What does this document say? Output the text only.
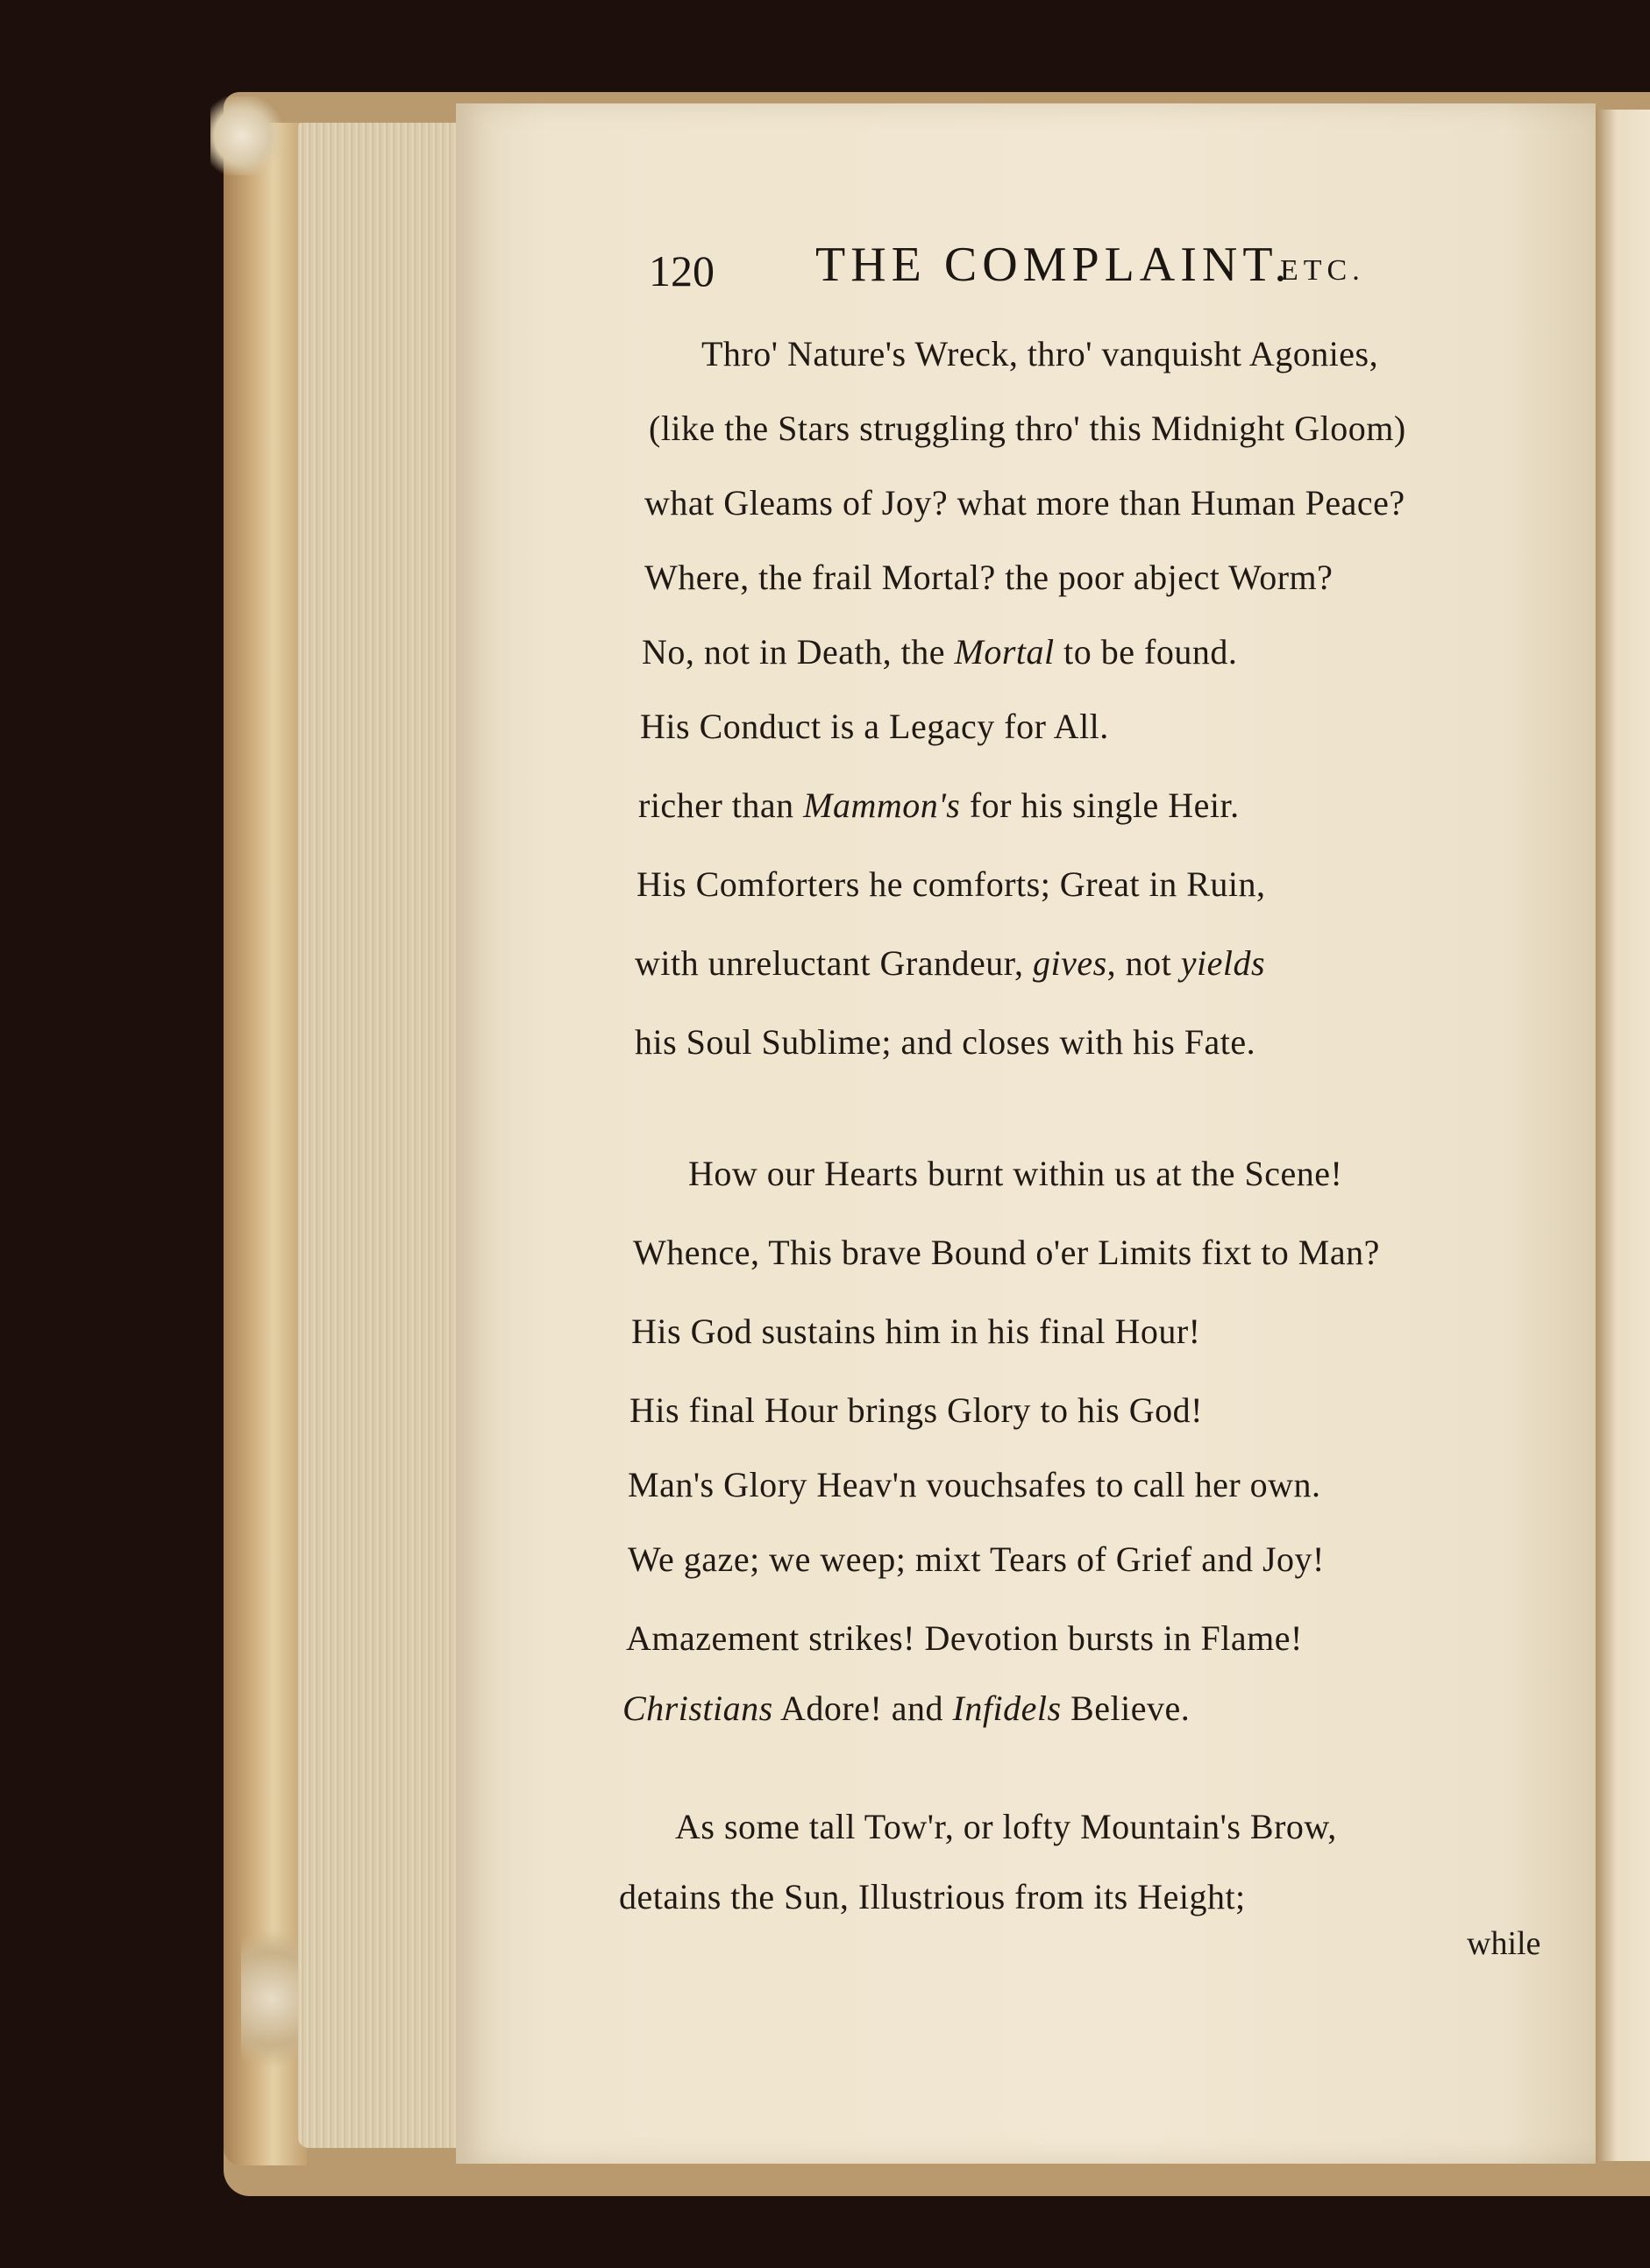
120 THE COMPLAINT.
ETC.
Thro' Nature's Wreck, thro' vanquisht Agonies,
(like the Stars struggling thro' this Midnight Gloom)
what Gleams of Joy? what more than Human Peace?
Where, the frail Mortal? the poor abject Worm?
No, not in Death, the Mortal to be found.
His Conduct is a Legacy for All.
richer than Mammon's for his single Heir.
His Comforters he comforts; Great in Ruin,
with unreluctant Grandeur, gives, not yields
his Soul Sublime; and closes with his Fate.
How our Hearts burnt within us at the Scene!
Whence, This brave Bound o'er Limits fixt to Man?
His God sustains him in his final Hour!
His final Hour brings Glory to his God!
Man's Glory Heav'n vouchsafes to call her own.
We gaze; we weep; mixt Tears of Grief and Joy!
Amazement strikes! Devotion bursts in Flame!
Christians Adore! and Infidels Believe.
As some tall Tow'r, or lofty Mountain's Brow,
detains the Sun, Illustrious from its Height;
while
